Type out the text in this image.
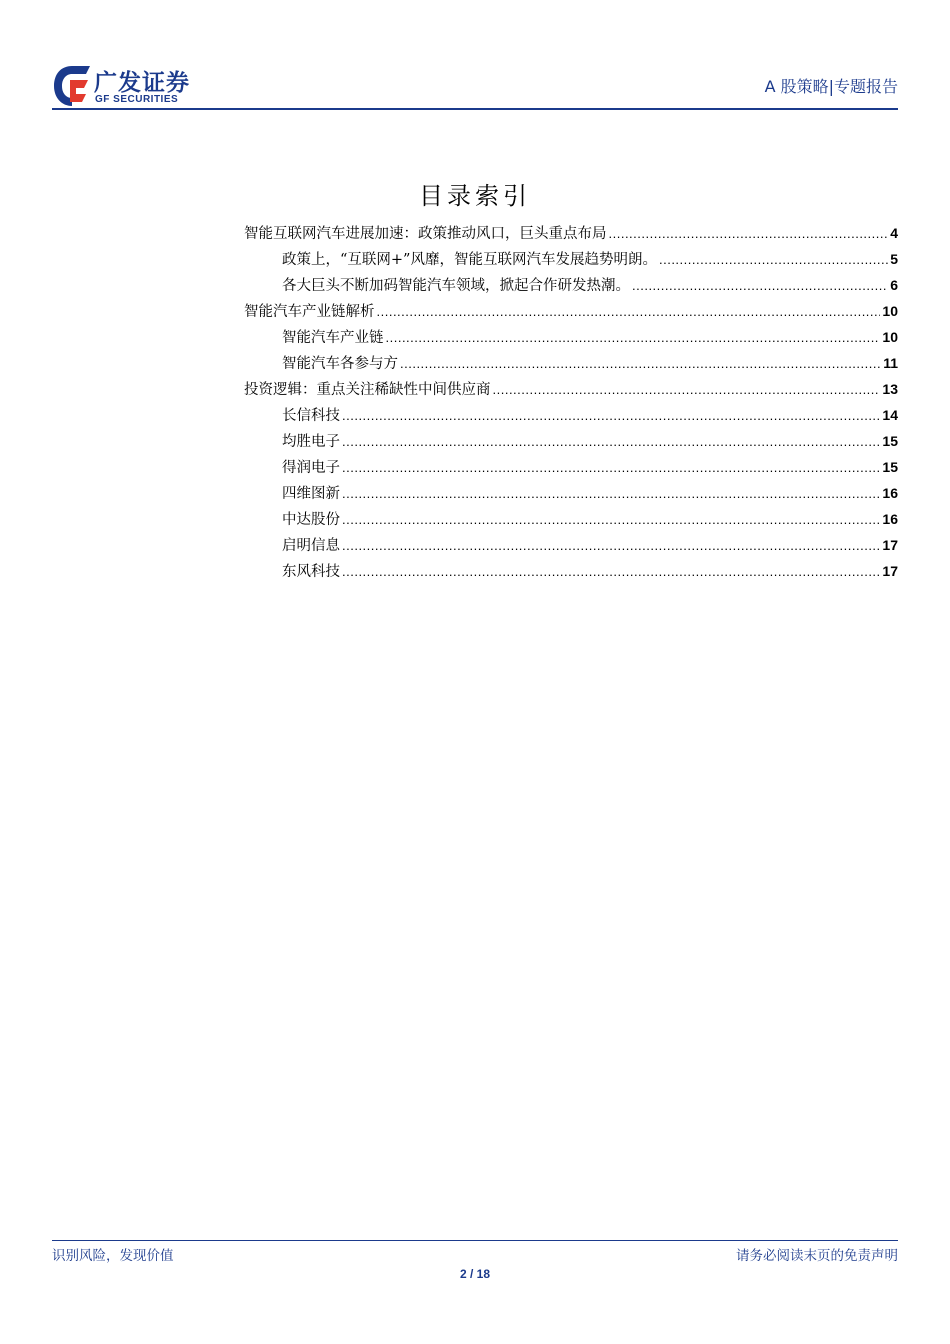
广发证券
GF SECURITIES
A 股策略|专题报告
目录索引
智能互联网汽车进展加速：政策推动风口，巨头重点布局 .....	4
政策上，“互联网+”风靡，智能互联网汽车发展趋势明朗。 .....	5
各大巨头不断加码智能汽车领域，掀起合作研发热潮。 .....	6
智能汽车产业链解析 .....	10
智能汽车产业链 .....	10
智能汽车各参与方 .....	11
投资逻辑：重点关注稀缺性中间供应商 .....	13
长信科技 .....	14
均胜电子 .....	15
得润电子 .....	15
四维图新 .....	16
中达股份 .....	16
启明信息 .....	17
东风科技 .....	17
识别风险，发现价值	请务必阅读末页的免责声明
2 / 18
